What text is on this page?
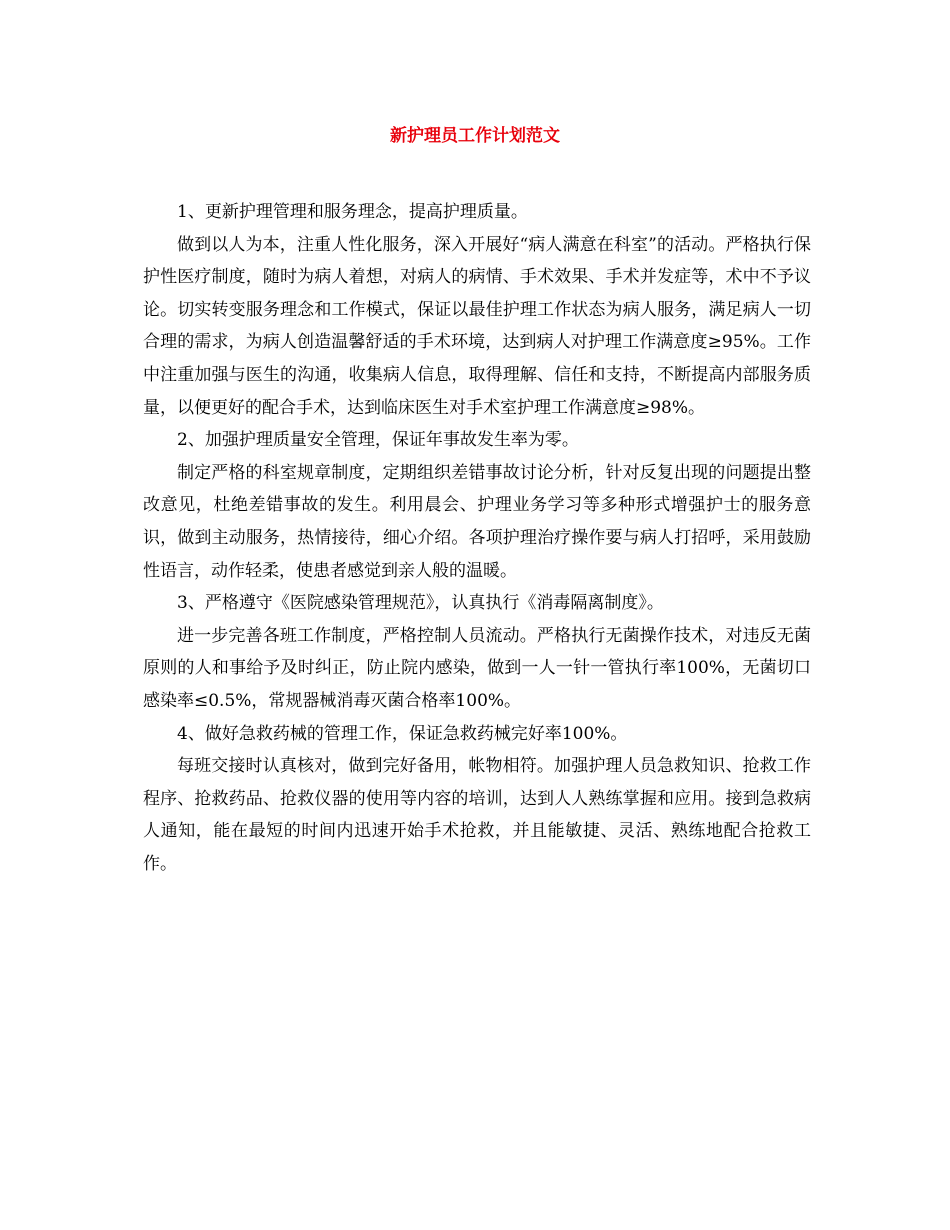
新护理员工作计划范文

1、更新护理管理和服务理念，提高护理质量。

做到以人为本，注重人性化服务，深入开展好“病人满意在科室”的活动。严格执行保护性医疗制度，随时为病人着想，对病人的病情、手术效果、手术并发症等，术中不予议论。切实转变服务理念和工作模式，保证以最佳护理工作状态为病人服务，满足病人一切合理的需求，为病人创造温馨舒适的手术环境，达到病人对护理工作满意度≥95%。工作中注重加强与医生的沟通，收集病人信息，取得理解、信任和支持，不断提高内部服务质量，以便更好的配合手术，达到临床医生对手术室护理工作满意度≥98%。

2、加强护理质量安全管理，保证年事故发生率为零。

制定严格的科室规章制度，定期组织差错事故讨论分析，针对反复出现的问题提出整改意见，杜绝差错事故的发生。利用晨会、护理业务学习等多种形式增强护士的服务意识，做到主动服务，热情接待，细心介绍。各项护理治疗操作要与病人打招呼，采用鼓励性语言，动作轻柔，使患者感觉到亲人般的温暖。

3、严格遵守《医院感染管理规范》，认真执行《消毒隔离制度》。

进一步完善各班工作制度，严格控制人员流动。严格执行无菌操作技术，对违反无菌原则的人和事给予及时纠正，防止院内感染，做到一人一针一管执行率100%，无菌切口感染率≤0.5%，常规器械消毒灭菌合格率100%。

4、做好急救药械的管理工作，保证急救药械完好率100%。

每班交接时认真核对，做到完好备用，帐物相符。加强护理人员急救知识、抢救工作程序、抢救药品、抢救仪器的使用等内容的培训，达到人人熟练掌握和应用。接到急救病人通知，能在最短的时间内迅速开始手术抢救，并且能敏捷、灵活、熟练地配合抢救工作。
